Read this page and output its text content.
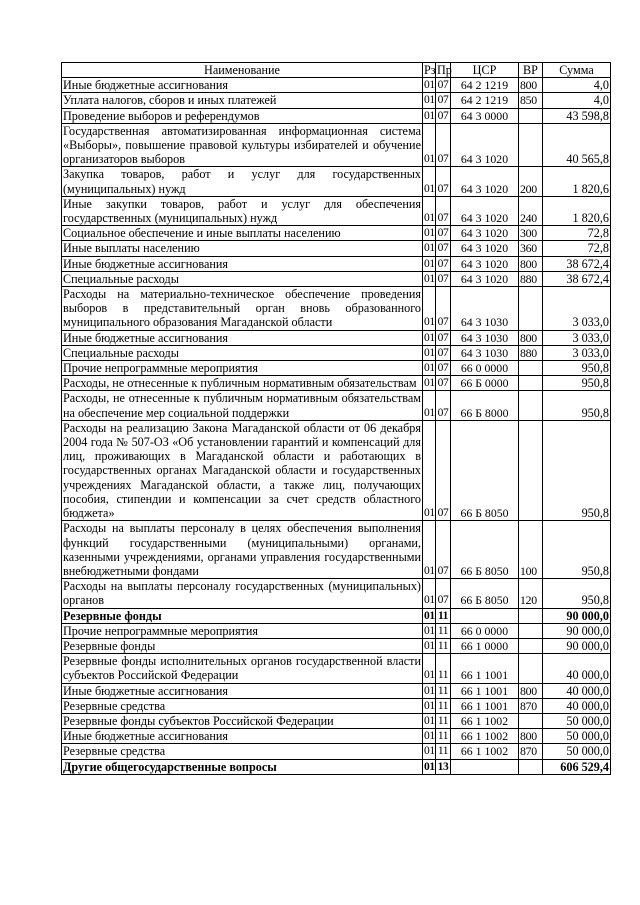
Наименование	Рз	Пр	ЦСР	ВР	Сумма
Иные бюджетные ассигнования	01	07	64 2 1219	800	4,0
Уплата налогов, сборов и иных платежей	01	07	64 2 1219	850	4,0
Проведение выборов и референдумов	01	07	64 3 0000		43 598,8
Государственная автоматизированная информационная система «Выборы», повышение правовой культуры избирателей и обучение организаторов выборов	01	07	64 3 1020		40 565,8
Закупка товаров, работ и услуг для государственных (муниципальных) нужд	01	07	64 3 1020	200	1 820,6
Иные закупки товаров, работ и услуг для обеспечения государственных (муниципальных) нужд	01	07	64 3 1020	240	1 820,6
Социальное обеспечение и иные выплаты населению	01	07	64 3 1020	300	72,8
Иные выплаты населению	01	07	64 3 1020	360	72,8
Иные бюджетные ассигнования	01	07	64 3 1020	800	38 672,4
Специальные расходы	01	07	64 3 1020	880	38 672,4
Расходы на материально-техническое обеспечение проведения выборов в представительный орган вновь образованного муниципального образования Магаданской области	01	07	64 3 1030		3 033,0
Иные бюджетные ассигнования	01	07	64 3 1030	800	3 033,0
Специальные расходы	01	07	64 3 1030	880	3 033,0
Прочие непрограммные мероприятия	01	07	66 0 0000		950,8
Расходы, не отнесенные к публичным нормативным обязательствам	01	07	66 Б 0000		950,8
Расходы, не отнесенные к публичным нормативным обязательствам на обеспечение мер социальной поддержки	01	07	66 Б 8000		950,8
Расходы на реализацию Закона Магаданской области от 06 декабря 2004 года № 507-ОЗ «Об установлении гарантий и компенсаций для лиц, проживающих в Магаданской области и работающих в государственных органах Магаданской области и государственных учреждениях Магаданской области, а также лиц, получающих пособия, стипендии и компенсации за счет средств областного бюджета»	01	07	66 Б 8050		950,8
Расходы на выплаты персоналу в целях обеспечения выполнения функций государственными (муниципальными) органами, казенными учреждениями, органами управления государственными внебюджетными фондами	01	07	66 Б 8050	100	950,8
Расходы на выплаты персоналу государственных (муниципальных) органов	01	07	66 Б 8050	120	950,8
Резервные фонды	01	11			90 000,0
Прочие непрограммные мероприятия	01	11	66 0 0000		90 000,0
Резервные фонды	01	11	66 1 0000		90 000,0
Резервные фонды исполнительных органов государственной власти субъектов Российской Федерации	01	11	66 1 1001		40 000,0
Иные бюджетные ассигнования	01	11	66 1 1001	800	40 000,0
Резервные средства	01	11	66 1 1001	870	40 000,0
Резервные фонды субъектов Российской Федерации	01	11	66 1 1002		50 000,0
Иные бюджетные ассигнования	01	11	66 1 1002	800	50 000,0
Резервные средства	01	11	66 1 1002	870	50 000,0
Другие общегосударственные вопросы	01	13			606 529,4
